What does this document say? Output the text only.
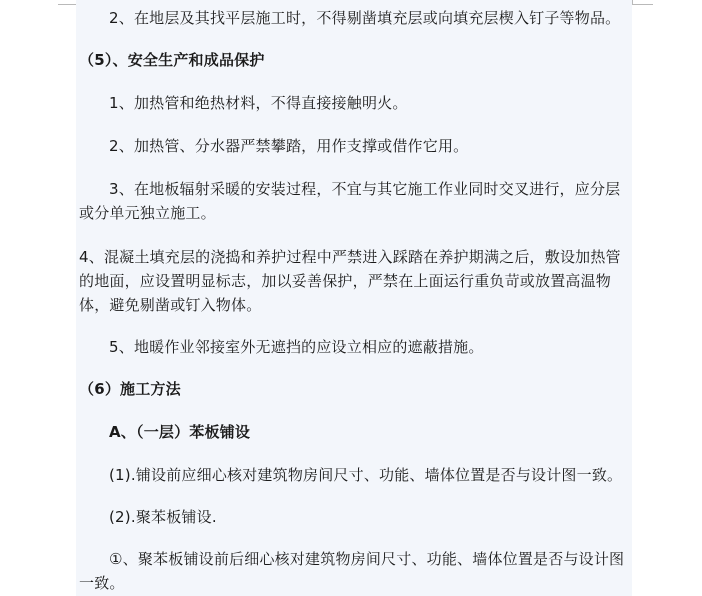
2、在地层及其找平层施工时，不得剔凿填充层或向填充层楔入钉子等物品。
（5）、安全生产和成品保护
1、加热管和绝热材料，不得直接接触明火。
2、加热管、分水器严禁攀踏，用作支撑或借作它用。
3、在地板辐射采暖的安装过程，不宜与其它施工作业同时交叉进行，应分层或分单元独立施工。
4、混凝土填充层的浇捣和养护过程中严禁进入踩踏在养护期满之后，敷设加热管的地面，应设置明显标志，加以妥善保护，严禁在上面运行重负苛或放置高温物体，避免剔凿或钉入物体。
5、地暖作业邻接室外无遮挡的应设立相应的遮蔽措施。
（6）施工方法
A、（一层）苯板铺设
(1).铺设前应细心核对建筑物房间尺寸、功能、墙体位置是否与设计图一致。
(2).聚苯板铺设.
①、聚苯板铺设前后细心核对建筑物房间尺寸、功能、墙体位置是否与设计图一致。
